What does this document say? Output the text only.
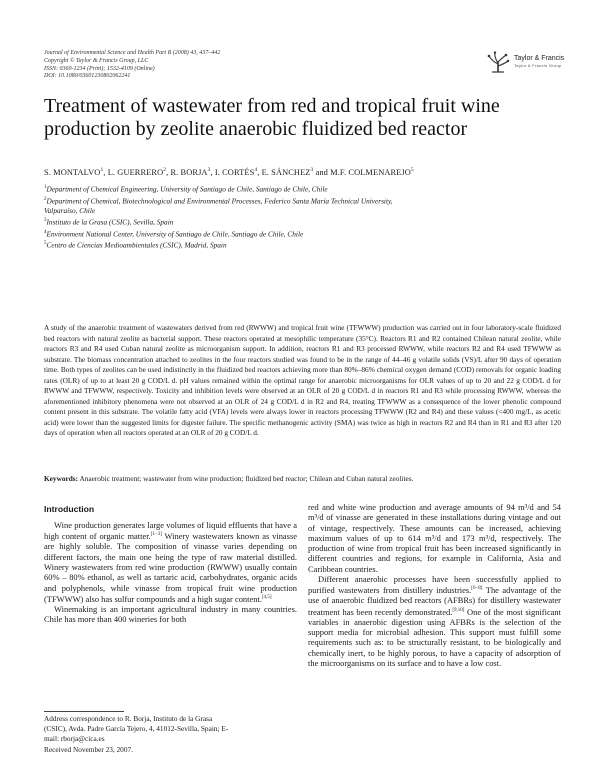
Journal of Environmental Science and Health Part B (2008) 43, 437–442
Copyright © Taylor & Francis Group, LLC
ISSN: 0360-1234 (Print); 1532-4109 (Online)
DOI: 10.1080/03601230802062241
Taylor & Francis
Taylor & Francis Group
Treatment of wastewater from red and tropical fruit wine
production by zeolite anaerobic fluidized bed reactor
S. MONTALVO$^1$, L. GUERRERO$^2$, R. BORJA$^3$, I. CORTÉS$^4$, E. SÁNCHEZ$^3$ and M.F. COLMENAREJO$^5$
$^1$Department of Chemical Engineering, University of Santiago de Chile, Santiago de Chile, Chile
$^2$Department of Chemical, Biotechnological and Environmental Processes, Federico Santa María Technical University,
Valparaíso, Chile
$^3$Instituto de la Grasa (CSIC), Sevilla, Spain
$^4$Environment National Center, University of Santiago de Chile, Santiago de Chile, Chile
$^5$Centro de Ciencias Medioambientales (CSIC), Madrid, Spain

A study of the anaerobic treatment of wastewaters derived from red (RWWW) and tropical fruit wine (TFWWW) production was carried out in four laboratory-scale fluidized bed reactors with natural zeolite as bacterial support. These reactors operated at mesophilic temperature (35°C). Reactors R1 and R2 contained Chilean natural zeolite, while reactors R3 and R4 used Cuban natural zeolite as microorganism support. In addition, reactors R1 and R3 processed RWWW, while reactors R2 and R4 used TFWWW as substrate. The biomass concentration attached to zeolites in the four reactors studied was found to be in the range of 44–46 g volatile solids (VS)/L after 90 days of operation time. Both types of zeolites can be used indistinctly in the fluidized bed reactors achieving more than 80%–86% chemical oxygen demand (COD) removals for organic loading rates (OLR) of up to at least 20 g COD/L d. pH values remained within the optimal range for anaerobic microorganisms for OLR values of up to 20 and 22 g COD/L d for RWWW and TFWWW, respectively. Toxicity and inhibition levels were observed at an OLR of 20 g COD/L d in reactors R1 and R3 while processing RWWW, whereas the aforementioned inhibitory phenomena were not observed at an OLR of 24 g COD/L d in R2 and R4, treating TFWWW as a consequence of the lower phenolic compound content present in this substrate. The volatile fatty acid (VFA) levels were always lower in reactors processing TFWWW (R2 and R4) and these values (<400 mg/L, as acetic acid) were lower than the suggested limits for digester failure. The specific methanogenic activity (SMA) was twice as high in reactors R2 and R4 than in R1 and R3 after 120 days of operation when all reactors operated at an OLR of 20 g COD/L d.

Keywords: Anaerobic treatment; wastewater from wine production; fluidized bed reactor; Chilean and Cuban natural zeolites.
Introduction

Wine production generates large volumes of liquid effluents that have a high content of organic matter.[1−3] Winery wastewaters known as vinasse are highly soluble. The composition of vinasse varies depending on different factors, the main one being the type of raw material distilled. Winery wastewaters from red wine production (RWWW) usually contain 60% – 80% ethanol, as well as tartaric acid, carbohydrates, organic acids and polyphenols, while vinasse from tropical fruit wine production (TFWWW) also has sulfur compounds and a high sugar content.[4,5]

Winemaking is an important agricultural industry in many countries. Chile has more than 400 wineries for both

red and white wine production and average amounts of 94 m³/d and 54 m³/d of vinasse are generated in these installations during vintage and out of vintage, respectively. These amounts can be increased, achieving maximum values of up to 614 m³/d and 173 m³/d, respectively. The production of wine from tropical fruit has been increased significantly in different countries and regions, for example in California, Asia and Caribbean countries.

Different anaerobic processes have been successfully applied to purified wastewaters from distillery industries.[6−8] The advantage of the use of anaerobic fluidized bed reactors (AFBRs) for distillery wastewater treatment has been recently demonstrated.[9,10] One of the most significant variables in anaerobic digestion using AFBRs is the selection of the support media for microbial adhesion. This support must fulfill some requirements such as: to be structurally resistant, to be biologically and chemically inert, to be highly porous, to have a capacity of adsorption of the microorganisms on its surface and to have a low cost.

Address correspondence to R. Borja, Instituto de la Grasa
(CSIC), Avda. Padre García Tejero, 4, 41012-Sevilla, Spain; E-
mail: rborja@cica.es
Received November 23, 2007.
